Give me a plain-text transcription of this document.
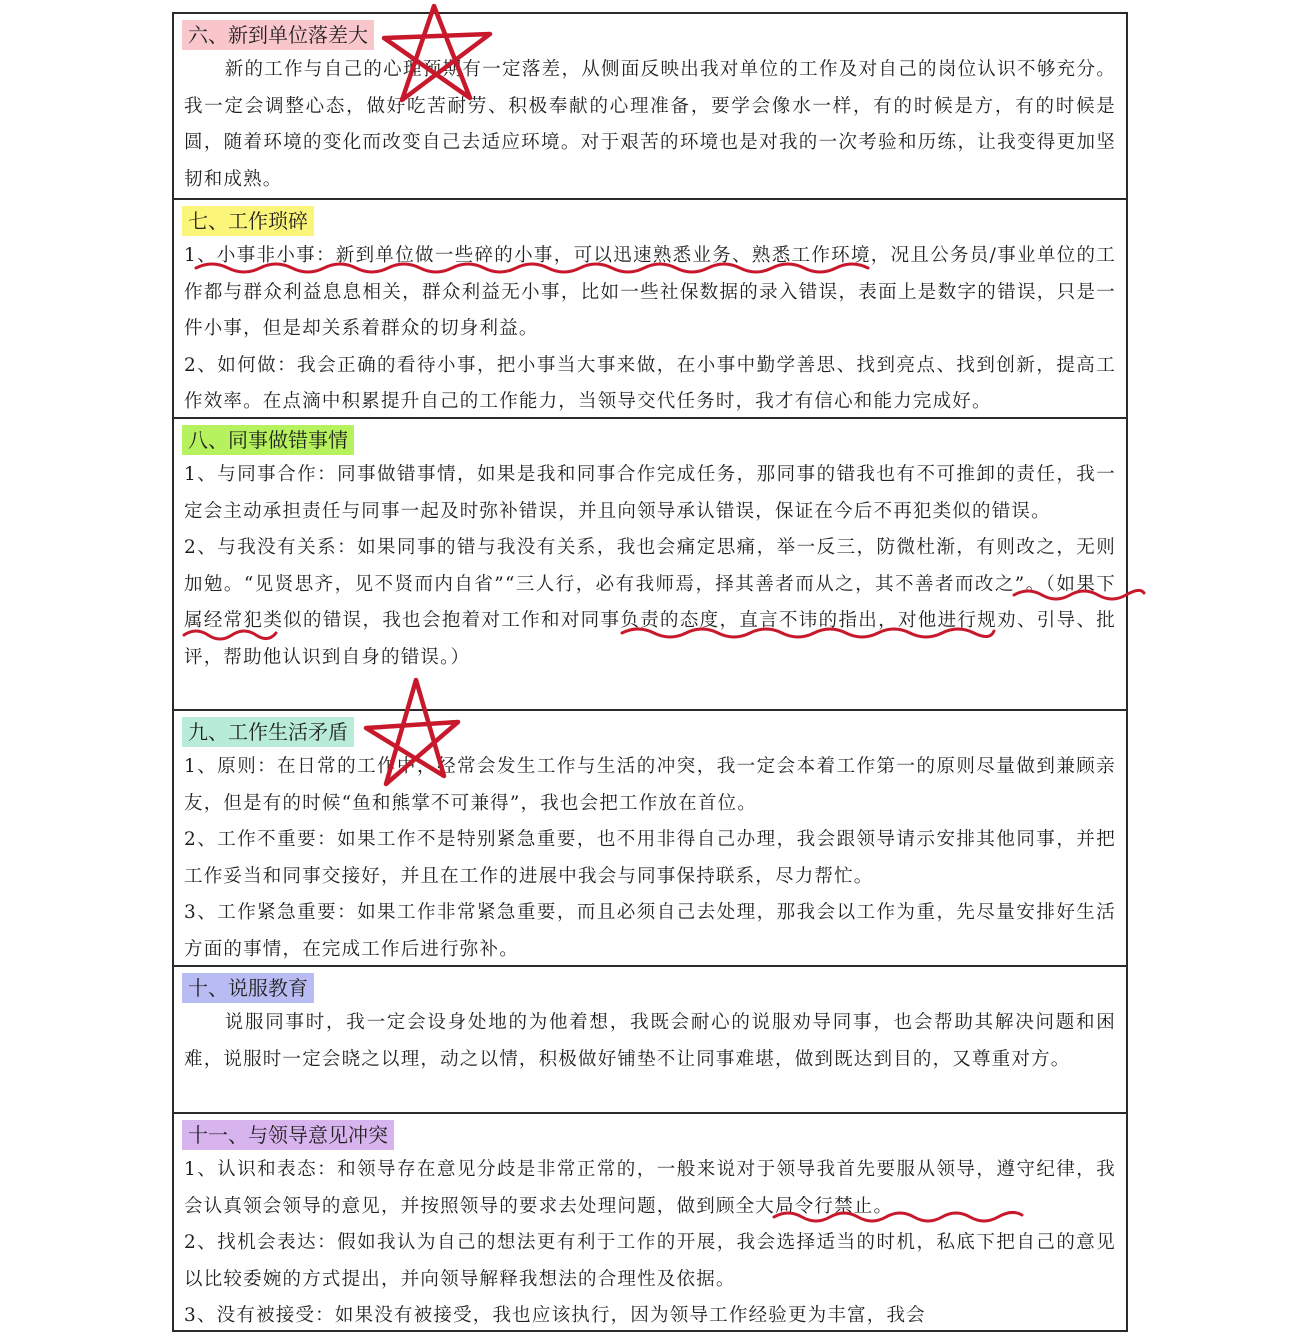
六、新到单位落差大

新的工作与自己的心理预期有一定落差，从侧面反映出我对单位的工作及对自己的岗位认识不够充分。我一定会调整心态，做好吃苦耐劳、积极奉献的心理准备，要学会像水一样，有的时候是方，有的时候是圆，随着环境的变化而改变自己去适应环境。对于艰苦的环境也是对我的一次考验和历练，让我变得更加坚韧和成熟。

七、工作琐碎

1、小事非小事：新到单位做一些碎的小事，可以迅速熟悉业务、熟悉工作环境，况且公务员/事业单位的工作都与群众利益息息相关，群众利益无小事，比如一些社保数据的录入错误，表面上是数字的错误，只是一件小事，但是却关系着群众的切身利益。

2、如何做：我会正确的看待小事，把小事当大事来做，在小事中勤学善思、找到亮点、找到创新，提高工作效率。在点滴中积累提升自己的工作能力，当领导交代任务时，我才有信心和能力完成好。

八、同事做错事情

1、与同事合作：同事做错事情，如果是我和同事合作完成任务，那同事的错我也有不可推卸的责任，我一定会主动承担责任与同事一起及时弥补错误，并且向领导承认错误，保证在今后不再犯类似的错误。

2、与我没有关系：如果同事的错与我没有关系，我也会痛定思痛，举一反三，防微杜渐，有则改之，无则加勉。“见贤思齐，见不贤而内自省”“三人行，必有我师焉，择其善者而从之，其不善者而改之”。（如果下属经常犯类似的错误，我也会抱着对工作和对同事负责的态度，直言不讳的指出，对他进行规劝、引导、批评，帮助他认识到自身的错误。）

九、工作生活矛盾

1、原则：在日常的工作中，经常会发生工作与生活的冲突，我一定会本着工作第一的原则尽量做到兼顾亲友，但是有的时候“鱼和熊掌不可兼得”，我也会把工作放在首位。

2、工作不重要：如果工作不是特别紧急重要，也不用非得自己办理，我会跟领导请示安排其他同事，并把工作妥当和同事交接好，并且在工作的进展中我会与同事保持联系，尽力帮忙。

3、工作紧急重要：如果工作非常紧急重要，而且必须自己去处理，那我会以工作为重，先尽量安排好生活方面的事情，在完成工作后进行弥补。

十、说服教育

说服同事时，我一定会设身处地的为他着想，我既会耐心的说服劝导同事，也会帮助其解决问题和困难，说服时一定会晓之以理，动之以情，积极做好铺垫不让同事难堪，做到既达到目的，又尊重对方。

十一、与领导意见冲突

1、认识和表态：和领导存在意见分歧是非常正常的，一般来说对于领导我首先要服从领导，遵守纪律，我会认真领会领导的意见，并按照领导的要求去处理问题，做到顾全大局令行禁止。

2、找机会表达：假如我认为自己的想法更有利于工作的开展，我会选择适当的时机，私底下把自己的意见以比较委婉的方式提出，并向领导解释我想法的合理性及依据。

3、没有被接受：如果没有被接受，我也应该执行，因为领导工作经验更为丰富，我会
